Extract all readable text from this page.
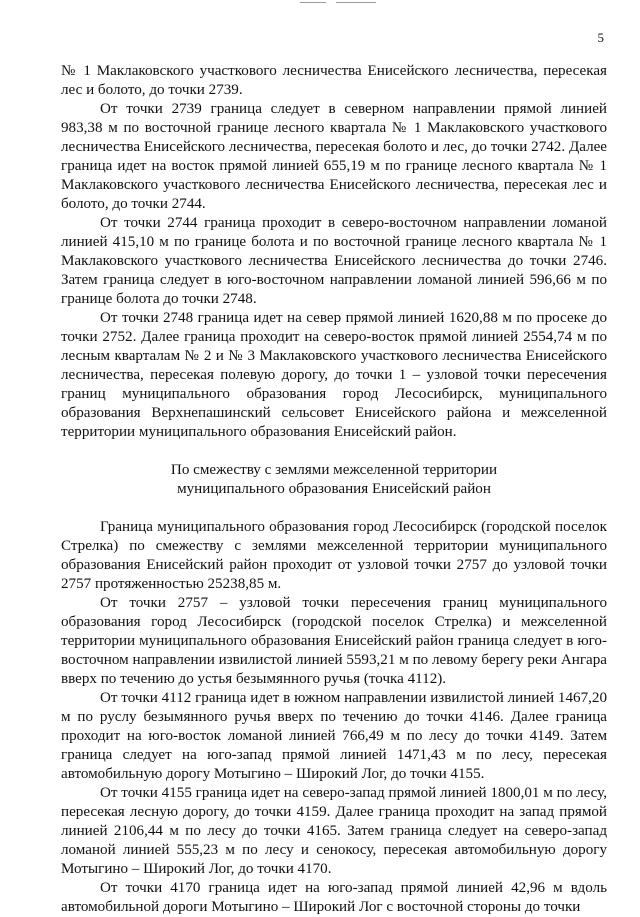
5

№ 1 Маклаковского участкового лесничества Енисейского лесничества, пересекая лес и болото, до точки 2739.

От точки 2739 граница следует в северном направлении прямой линией 983,38 м по восточной границе лесного квартала № 1 Маклаковского участкового лесничества Енисейского лесничества, пересекая болото и лес, до точки 2742. Далее граница идет на восток прямой линией 655,19 м по границе лесного квартала № 1 Маклаковского участкового лесничества Енисейского лесничества, пересекая лес и болото, до точки 2744.

От точки 2744 граница проходит в северо-восточном направлении ломаной линией 415,10 м по границе болота и по восточной границе лесного квартала № 1 Маклаковского участкового лесничества Енисейского лесничества до точки 2746. Затем граница следует в юго-восточном направлении ломаной линией 596,66 м по границе болота до точки 2748.

От точки 2748 граница идет на север прямой линией 1620,88 м по просеке до точки 2752. Далее граница проходит на северо-восток прямой линией 2554,74 м по лесным кварталам № 2 и № 3 Маклаковского участкового лесничества Енисейского лесничества, пересекая полевую дорогу, до точки 1 – узловой точки пересечения границ муниципального образования город Лесосибирск, муниципального образования Верхнепашинский сельсовет Енисейского района и межселенной территории муниципального образования Енисейский район.

По смежеству с землями межселенной территории
муниципального образования Енисейский район

Граница муниципального образования город Лесосибирск (городской поселок Стрелка) по смежеству с землями межселенной территории муниципального образования Енисейский район проходит от узловой точки 2757 до узловой точки 2757 протяженностью 25238,85 м.

От точки 2757 – узловой точки пересечения границ муниципального образования город Лесосибирск (городской поселок Стрелка) и межселенной территории муниципального образования Енисейский район граница следует в юго-восточном направлении извилистой линией 5593,21 м по левому берегу реки Ангара вверх по течению до устья безымянного ручья (точка 4112).

От точки 4112 граница идет в южном направлении извилистой линией 1467,20 м по руслу безымянного ручья вверх по течению до точки 4146. Далее граница проходит на юго-восток ломаной линией 766,49 м по лесу до точки 4149. Затем граница следует на юго-запад прямой линией 1471,43 м по лесу, пересекая автомобильную дорогу Мотыгино – Широкий Лог, до точки 4155.

От точки 4155 граница идет на северо-запад прямой линией 1800,01 м по лесу, пересекая лесную дорогу, до точки 4159. Далее граница проходит на запад прямой линией 2106,44 м по лесу до точки 4165. Затем граница следует на северо-запад ломаной линией 555,23 м по лесу и сенокосу, пересекая автомобильную дорогу Мотыгино – Широкий Лог, до точки 4170.

От точки 4170 граница идет на юго-запад прямой линией 42,96 м вдоль автомобильной дороги Мотыгино – Широкий Лог с восточной стороны до точки
